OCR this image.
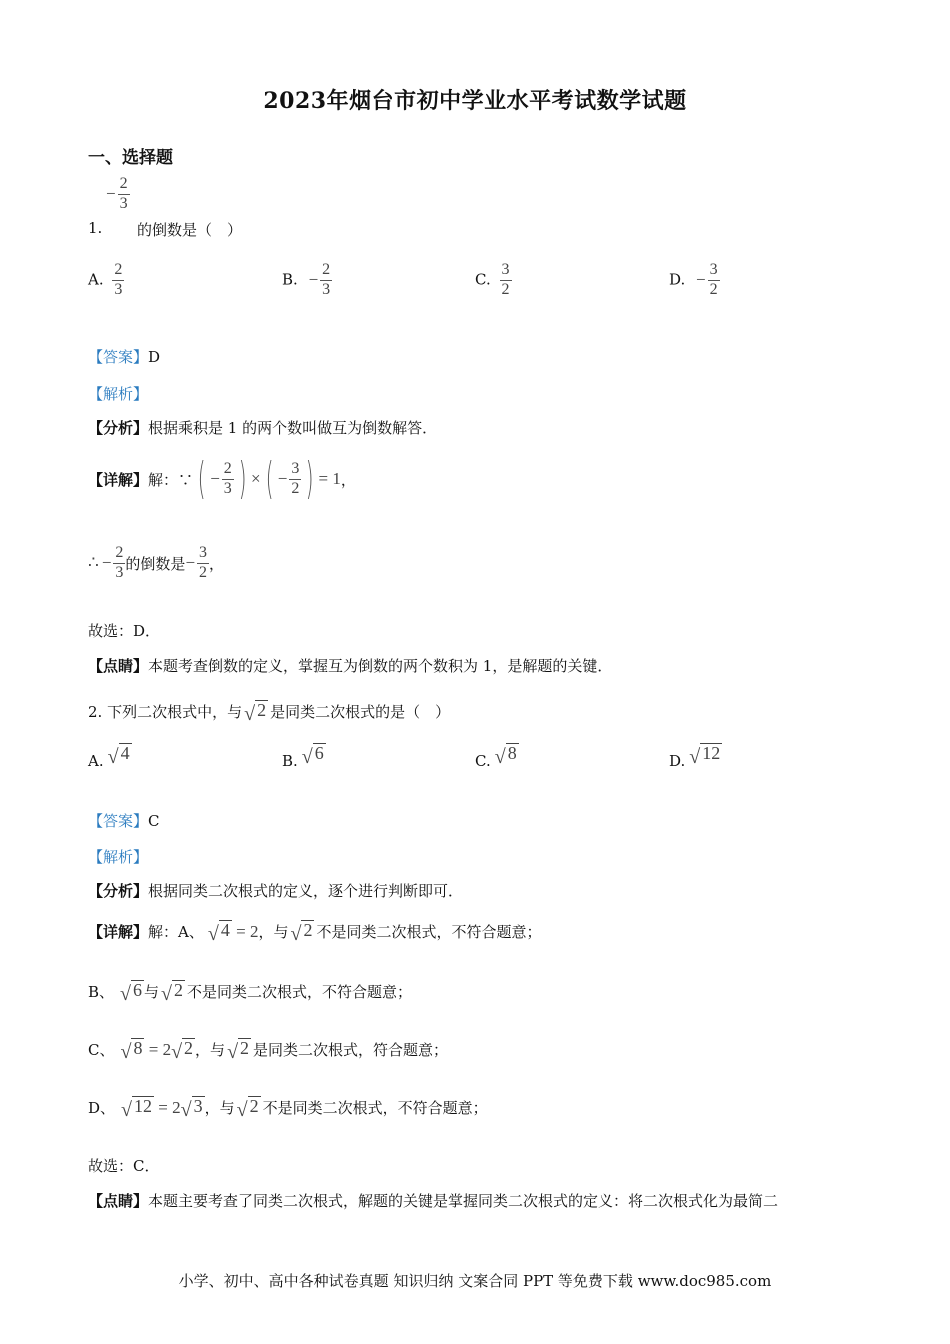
2023年烟台市初中学业水平考试数学试题
一、选择题
− $\frac{2}{3}$
1. 的倒数是（　）
A. $\frac{2}{3}$	B. − $\frac{2}{3}$	C. $\frac{3}{2}$	D. − $\frac{3}{2}$
【答案】D
【解析】
【分析】根据乘积是 1 的两个数叫做互为倒数解答．
【详解】 解：∵ ( − $\frac{2}{3}$ ) × ( − $\frac{3}{2}$ ) = 1 ，
∴ − $\frac{2}{3}$ 的倒数是 − $\frac{3}{2}$ ，
故选：D．
【点睛】本题考查倒数的定义，掌握互为倒数的两个数积为 1，是解题的关键．
2. 下列二次根式中，与 √ 2 是同类二次根式的是（　）
A. √ 4	B. √ 6	C. √ 8	D. √ 12
【答案】C
【解析】
【分析】根据同类二次根式的定义，逐个进行判断即可．
【详解】 解：A、 √ 4 = 2 ，与 √ 2 不是同类二次根式，不符合题意；
B、 √ 6 与 √ 2 不是同类二次根式，不符合题意；
C、 √ 8 = 2 √ 2 ，与 √ 2 是同类二次根式，符合题意；
D、 √ 12 = 2 √ 3 ，与 √ 2 不是同类二次根式，不符合题意；
故选：C．
【点睛】本题主要考查了同类二次根式，解题的关键是掌握同类二次根式的定义：将二次根式化为最简二
小学、初中、高中各种试卷真题 知识归纳 文案合同 PPT 等免费下载 www.doc985.com
